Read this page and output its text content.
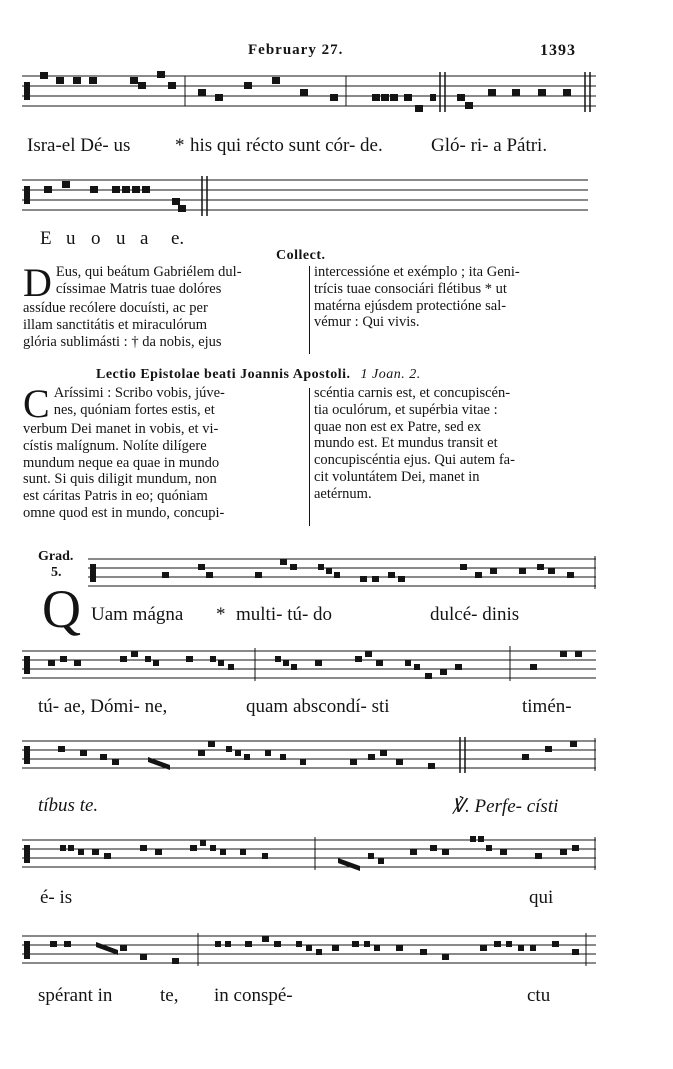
February 27.	1393
Isra-el Dé- us * his qui récto sunt cór- de.	Gló- ri- a Pátri.
E u o u a e.
Collect.
D Eus, qui beátum Gabriélem dul-

císsimae Matris tuae dolóres

assídue recólere docuísti, ac per

illam sanctitátis et miraculórum

glória sublimásti : † da nobis, ejus

intercessióne et exémplo ; ita Geni-

trícis tuae consociári flétibus * ut

matérna ejúsdem protectióne sal-

vémur : Qui vivis.

Lectio Epistolae beati Joannis Apostoli. 1 Joan. 2.
C Aríssimi : Scribo vobis, júve-

nes, quóniam fortes estis, et

verbum Dei manet in vobis, et vi-

cístis malígnum. Nolíte dilígere

mundum neque ea quae in mundo

sunt. Si quis diligit mundum, non

est cáritas Patris in eo; quóniam

omne quod est in mundo, concupi-

scéntia carnis est, et concupiscén-

tia oculórum, et supérbia vitae :

quae non est ex Patre, sed ex

mundo est. Et mundus transit et

concupiscéntia ejus. Qui autem fa-

cit voluntátem Dei, manet in

aetérnum.

Grad.
5.
Q Uam mágna * multi- tú- do	dulcé- dinis
tú- ae, Dómi- ne,	quam abscondí- sti	timén-
tíbus te.	℣. Perfe- císti
é- is	qui
spérant in	te, in conspé-	ctu
